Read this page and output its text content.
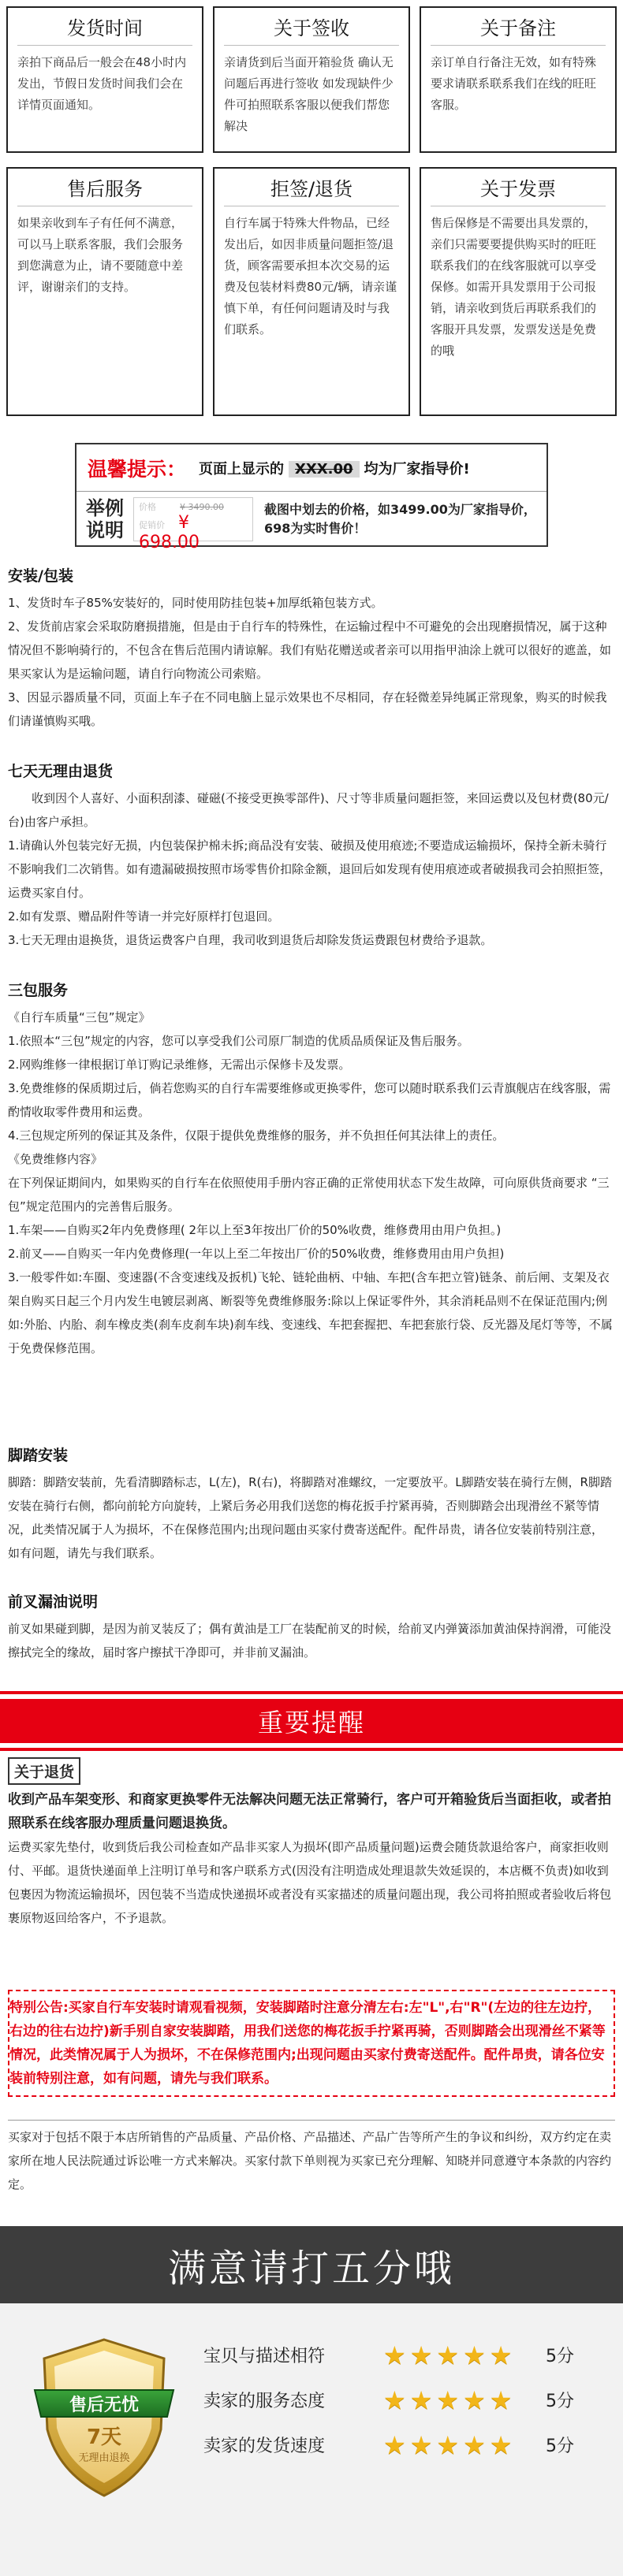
发货时间

亲拍下商品后一般会在48小时内发出，节假日发货时间我们会在详情页面通知。

关于签收

亲请货到后当面开箱验货 确认无问题后再进行签收 如发现缺件少件可拍照联系客服以便我们帮您解决

关于备注

亲订单自行备注无效，如有特殊要求请联系联系我们在线的旺旺客服。

售后服务

如果亲收到车子有任何不满意，可以马上联系客服，我们会服务到您满意为止，请不要随意中差评，谢谢亲们的支持。

拒签/退货

自行车属于特殊大件物品，已经发出后，如因非质量问题拒签/退货，顾客需要承担本次交易的运费及包装材料费80元/辆，请亲谨慎下单，有任何问题请及时与我们联系。

关于发票

售后保修是不需要出具发票的，亲们只需要要提供购买时的旺旺联系我们的在线客服就可以享受保修。如需开具发票用于公司报销，请亲收到货后再联系我们的客服开具发票，发票发送是免费的哦

温馨提示： 页面上显示的 XXX.00 均为厂家指导价!
举例
说明
价格	¥ 3490.00
促销价 ¥ 698.00
截图中划去的价格，如3499.00为厂家指导价，698为实时售价！
安装/包装

1、发货时车子85%安装好的，同时使用防挂包装+加厚纸箱包装方式。

2、发货前店家会采取防磨损措施，但是由于自行车的特殊性，在运输过程中不可避免的会出现磨损情况，属于这种情况但不影响骑行的，不包含在售后范围内请谅解。我们有贴花赠送或者亲可以用指甲油涂上就可以很好的遮盖，如果买家认为是运输问题，请自行向物流公司索赔。

3、因显示器质量不同，页面上车子在不同电脑上显示效果也不尽相同，存在轻微差异纯属正常现象，购买的时候我们请谨慎购买哦。

七天无理由退货

收到因个人喜好、小面积刮漆、碰磁(不接受更换零部件)、尺寸等非质量问题拒签，来回运费以及包材费(80元/台)由客户承担。

1.请确认外包装完好无损，内包装保护棉未拆;商品没有安装、破损及使用痕迹;不要造成运输损坏，保持全新未骑行不影响我们二次销售。如有遗漏破损按照市场零售价扣除金额，退回后如发现有使用痕迹或者破损我司会拍照拒签，运费买家自付。

2.如有发票、赠品附件等请一并完好原样打包退回。

3.七天无理由退换货，退货运费客户自理，我司收到退货后却除发货运费跟包材费给予退款。

三包服务

《自行车质量“三包”规定》

1.依照本“三包”规定的内容，您可以享受我们公司原厂制造的优质品质保证及售后服务。

2.网购维修一律根据订单订购记录维修，无需出示保修卡及发票。

3.免费维修的保质期过后，倘若您购买的自行车需要维修或更换零件，您可以随时联系我们云青旗舰店在线客服，需酌情收取零件费用和运费。

4.三包规定所列的保证其及条件，仅限于提供免费维修的服务，并不负担任何其法律上的责任。

《免费维修内容》

在下列保证期间内，如果购买的自行车在依照使用手册内容正确的正常使用状态下发生故障，可向原供货商要求 “三包”规定范围内的完善售后服务。

1.车架——自购买2年内免费修理( 2年以上至3年按出厂价的50%收费，维修费用由用户负担。)

2.前叉——自购买一年内免费修理(一年以上至二年按出厂价的50%收费，维修费用由用户负担)

3.一般零件如:车圈、变速器(不含变速线及扳机)飞轮、链轮曲柄、中轴、车把(含车把立管)链条、前后闸、支架及衣架自购买日起三个月内发生电镀层剥离、断裂等免费维修服务:除以上保证零件外，其余消耗品则不在保证范围内;例如:外胎、内胎、刹车橡皮类(刹车皮刹车块)刹车线、变速线、车把套握把、车把套旅行袋、反光器及尾灯等等，不属于免费保修范围。

脚踏安装

脚踏：脚踏安装前，先看清脚踏标志，L(左)，R(右)，将脚踏对准螺纹，一定要放平。L脚踏安装在骑行左侧，R脚踏安装在骑行右侧，都向前轮方向旋转，上紧后务必用我们送您的梅花扳手拧紧再骑，否则脚踏会出现滑丝不紧等情况，此类情况属于人为损坏，不在保修范围内;出现问题由买家付费寄送配件。配件昂贵，请各位安装前特别注意，如有问题，请先与我们联系。

前叉漏油说明

前叉如果碰到脚，是因为前叉装反了；偶有黄油是工厂在装配前叉的时候，给前叉内弹簧添加黄油保持润滑，可能没擦拭完全的缘故，届时客户擦拭干净即可，并非前叉漏油。

重要提醒
关于退货

收到产品车架变形、和商家更换零件无法解决问题无法正常骑行，客户可开箱验货后当面拒收，或者拍照联系在线客服办理质量问题退换货。

运费买家先垫付，收到货后我公司检查如产品非买家人为损坏(即产品质量问题)运费会随货款退给客户，商家拒收则付、平邮。退货快递面单上注明订单号和客户联系方式(因没有注明造成处理退款失效延误的，本店概不负责)如收到包裹因为物流运输损坏，因包装不当造成快递损坏或者没有买家描述的质量问题出现，我公司将拍照或者验收后将包裹原物返回给客户，不予退款。

特别公告:买家自行车安装时请观看视频，安装脚踏时注意分清左右:左"L",右"R"(左边的往左边拧，右边的往右边拧)新手别自家安装脚踏，用我们送您的梅花扳手拧紧再骑，否则脚踏会出现滑丝不紧等情况，此类情况属于人为损坏，不在保修范围内;出现问题由买家付费寄送配件。配件昂贵，请各位安装前特别注意，如有问题，请先与我们联系。

买家对于包括不限于本店所销售的产品质量、产品价格、产品描述、产品广告等所产生的争议和纠纷，双方约定在卖家所在地人民法院通过诉讼唯一方式来解决。买家付款下单则视为买家已充分理解、知晓并同意遵守本条款的内容约定。

满意请打五分哦
售后无忧
7天
无理由退换
宝贝与描述相符	★ ★ ★ ★ ★ 5分
卖家的服务态度	★ ★ ★ ★ ★ 5分
卖家的发货速度	★ ★ ★ ★ ★ 5分
